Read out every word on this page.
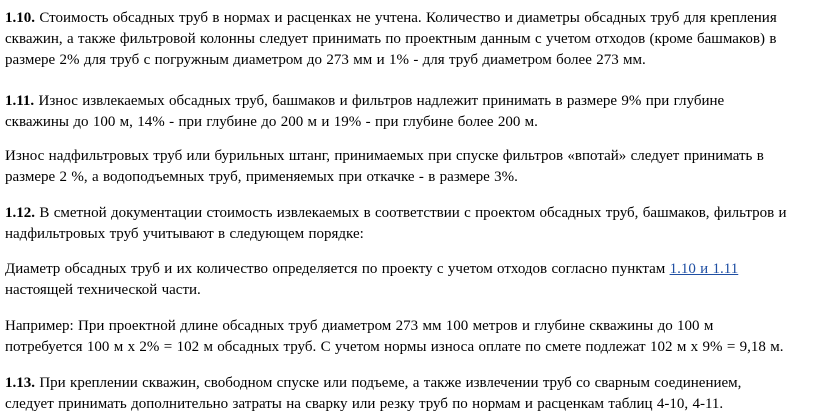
1.10. Стоимость обсадных труб в нормах и расценках не учтена. Количество и диаметры обсадных труб для крепления
скважин, а также фильтровой колонны следует принимать по проектным данным с учетом отходов (кроме башмаков) в
размере 2% для труб с погружным диаметром до 273 мм и 1% - для труб диаметром более 273 мм.

1.11. Износ извлекаемых обсадных труб, башмаков и фильтров надлежит принимать в размере 9% при глубине
скважины до 100 м, 14% - при глубине до 200 м и 19% - при глубине более 200 м.

Износ надфильтровых труб или бурильных штанг, принимаемых при спуске фильтров «впотай» следует принимать в
размере 2 %, а водоподъемных труб, применяемых при откачке - в размере 3%.

1.12. В сметной документации стоимость извлекаемых в соответствии с проектом обсадных труб, башмаков, фильтров и
надфильтровых труб учитывают в следующем порядке:

Диаметр обсадных труб и их количество определяется по проекту с учетом отходов согласно пунктам 1.10 и 1.11
настоящей технической части.

Например: При проектной длине обсадных труб диаметром 273 мм 100 метров и глубине скважины до 100 м
потребуется 100 м х 2% = 102 м обсадных труб. С учетом нормы износа оплате по смете подлежат 102 м х 9% = 9,18 м.

1.13. При креплении скважин, свободном спуске или подъеме, а также извлечении труб со сварным соединением,
следует принимать дополнительно затраты на сварку или резку труб по нормам и расценкам таблиц 4-10, 4-11.
